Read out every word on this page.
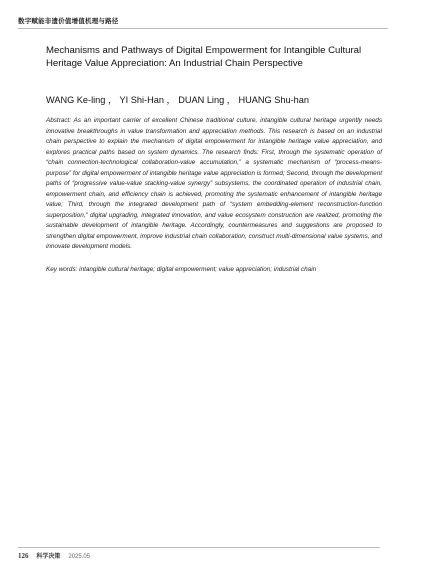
数字赋能非遗价值增值机理与路径
Mechanisms and Pathways of Digital Empowerment for Intangible Cultural Heritage Value Appreciation: An Industrial Chain Perspective
WANG Ke-ling ， YI Shi-Han ， DUAN Ling ， HUANG Shu-han
Abstract: As an important carrier of excellent Chinese traditional culture, intangible cultural heritage urgently needs innovative breakthroughs in value transformation and appreciation methods. This research is based on an industrial chain perspective to explain the mechanism of digital empowerment for intangible heritage value appreciation, and explores practical paths based on system dynamics. The research finds: First, through the systematic operation of “chain connection-technological collaboration-value accumulation,” a systematic mechanism of “process-means-purpose” for digital empowerment of intangible heritage value appreciation is formed; Second, through the development paths of “progressive value-value stacking-value synergy” subsystems, the coordinated operation of industrial chain, empowerment chain, and efficiency chain is achieved, promoting the systematic enhancement of intangible heritage value; Third, through the integrated development path of “system embedding-element reconstruction-function superposition,” digital upgrading, integrated innovation, and value ecosystem construction are realized, promoting the sustainable development of intangible heritage. Accordingly, countermeasures and suggestions are proposed to strengthen digital empowerment, improve industrial chain collaboration, construct multi-dimensional value systems, and innovate development models.
Key words: intangible cultural heritage; digital empowerment; value appreciation; industrial chain
126 科学决策 2025.05
